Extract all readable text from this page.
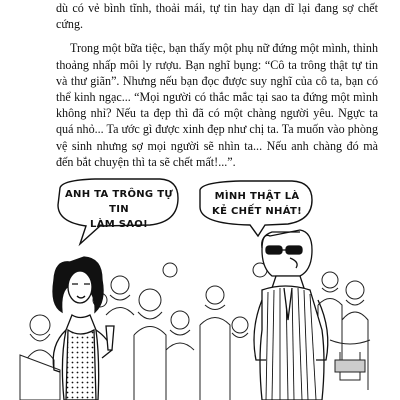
dù có vẻ bình tĩnh, thoải mái, tự tin hay dạn dĩ lại đang sợ chết cứng.

Trong một bữa tiệc, bạn thấy một phụ nữ đứng một mình, thỉnh thoảng nhấp môi ly rượu. Bạn nghĩ bụng: “Cô ta trông thật tự tin và thư giãn”. Nhưng nếu bạn đọc được suy nghĩ của cô ta, bạn có thể kinh ngạc... “Mọi người có thắc mắc tại sao ta đứng một mình không nhỉ? Nếu ta đẹp thì đã có một chàng người yêu. Ngực ta quá nhỏ... Ta ước gì được xinh đẹp như chị ta. Ta muốn vào phòng vệ sinh nhưng sợ mọi người sẽ nhìn ta... Nếu anh chàng đó mà đến bắt chuyện thì ta sẽ chết mất!...”.

ANH TA TRÔNG TỰ TIN
LÀM SAO!
MÌNH THẬT LÀ
KẺ CHẾT NHÁT!
